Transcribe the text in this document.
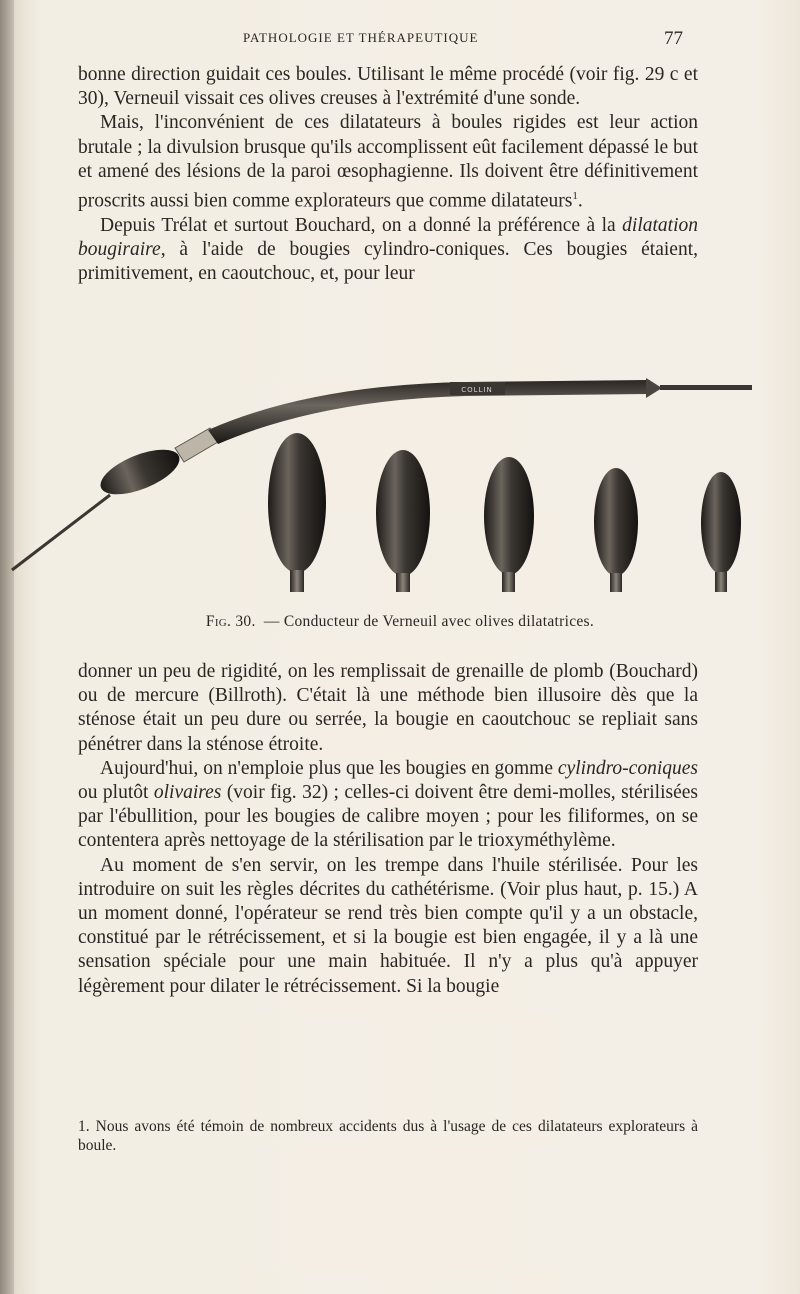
PATHOLOGIE ET THÉRAPEUTIQUE	77

bonne direction guidait ces boules. Utilisant le même procédé (voir fig. 29 c et 30), Verneuil vissait ces olives creuses à l'extrémité d'une sonde.

Mais, l'inconvénient de ces dilatateurs à boules rigides est leur action brutale ; la divulsion brusque qu'ils accomplissent eût facilement dépassé le but et amené des lésions de la paroi œsophagienne. Ils doivent être définitivement proscrits aussi bien comme explorateurs que comme dilatateurs$^1$.

Depuis Trélat et surtout Bouchard, on a donné la préférence à la dilatation bougiraire, à l'aide de bougies cylindro-coniques. Ces bougies étaient, primitivement, en caoutchouc, et, pour leur

COLLIN
Fig. 30. — Conducteur de Verneuil avec olives dilatatrices.

donner un peu de rigidité, on les remplissait de grenaille de plomb (Bouchard) ou de mercure (Billroth). C'était là une méthode bien illusoire dès que la sténose était un peu dure ou serrée, la bougie en caoutchouc se repliait sans pénétrer dans la sténose étroite.

Aujourd'hui, on n'emploie plus que les bougies en gomme cylindro-coniques ou plutôt olivaires (voir fig. 32) ; celles-ci doivent être demi-molles, stérilisées par l'ébullition, pour les bougies de calibre moyen ; pour les filiformes, on se contentera après nettoyage de la stérilisation par le trioxyméthylème.

Au moment de s'en servir, on les trempe dans l'huile stérilisée. Pour les introduire on suit les règles décrites du cathétérisme. (Voir plus haut, p. 15.) A un moment donné, l'opérateur se rend très bien compte qu'il y a un obstacle, constitué par le rétrécissement, et si la bougie est bien engagée, il y a là une sensation spéciale pour une main habituée. Il n'y a plus qu'à appuyer légèrement pour dilater le rétrécissement. Si la bougie

1. Nous avons été témoin de nombreux accidents dus à l'usage de ces dilatateurs explorateurs à boule.
